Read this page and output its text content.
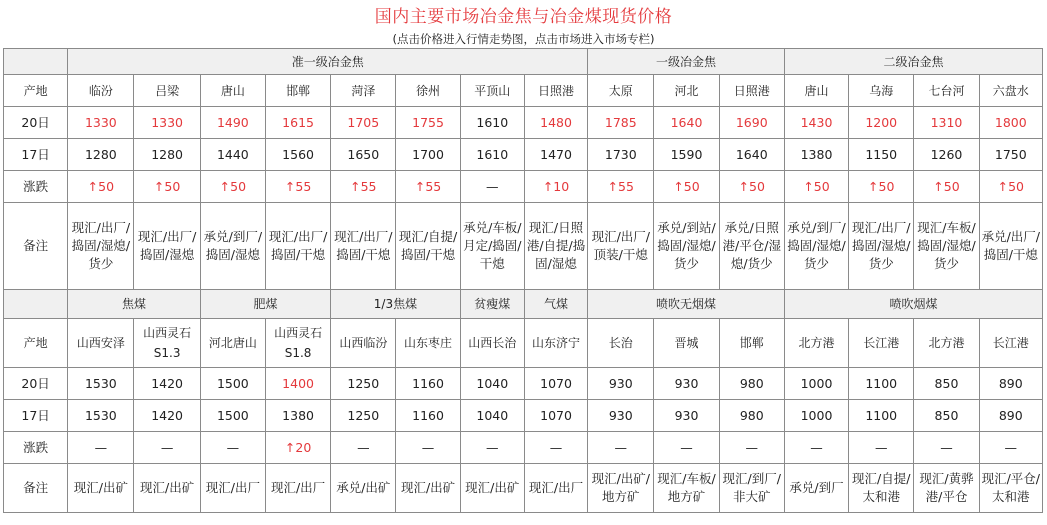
国内主要市场冶金焦与冶金煤现货价格
(点击价格进入行情走势图，点击市场进入市场专栏)
	准一级冶金焦								一级冶金焦			二级冶金焦			
产地	临汾	吕梁	唐山	邯郸	菏泽	徐州	平顶山	日照港	太原	河北	日照港	唐山	乌海	七台河	六盘水
20日	1330	1330	1490	1615	1705	1755	1610	1480	1785	1640	1690	1430	1200	1310	1800
17日	1280	1280	1440	1560	1650	1700	1610	1470	1730	1590	1640	1380	1150	1260	1750
涨跌	↑50	↑50	↑50	↑55	↑55	↑55	—	↑10	↑55	↑50	↑50	↑50	↑50	↑50	↑50
备注	现汇/出厂/捣固/湿熄/货少	现汇/出厂/捣固/湿熄	承兑/到厂/捣固/湿熄	现汇/出厂/捣固/干熄	现汇/出厂/捣固/干熄	现汇/自提/捣固/干熄	承兑/车板/月定/捣固/干熄	现汇/日照港/自提/捣固/湿熄	现汇/出厂/顶装/干熄	承兑/到站/捣固/湿熄/货少	承兑/日照港/平仓/湿熄/货少	承兑/到厂/捣固/湿熄/货少	现汇/出厂/捣固/湿熄/货少	现汇/车板/捣固/湿熄/货少	承兑/出厂/捣固/干熄
	焦煤		肥煤		1/3焦煤		贫瘦煤	气煤	喷吹无烟煤			喷吹烟煤			
产地	山西安泽	山西灵石S1.3	河北唐山	山西灵石S1.8	山西临汾	山东枣庄	山西长治	山东济宁	长治	晋城	邯郸	北方港	长江港	北方港	长江港
20日	1530	1420	1500	1400	1250	1160	1040	1070	930	930	980	1000	1100	850	890
17日	1530	1420	1500	1380	1250	1160	1040	1070	930	930	980	1000	1100	850	890
涨跌	—	—	—	↑20	—	—	—	—	—	—	—	—	—	—	—
备注	现汇/出矿	现汇/出矿	现汇/出厂	现汇/出厂	承兑/出矿	现汇/出矿	现汇/出矿	现汇/出厂	现汇/出矿/地方矿	现汇/车板/地方矿	现汇/到厂/非大矿	承兑/到厂	现汇/自提/太和港	现汇/黄骅港/平仓	现汇/平仓/太和港
